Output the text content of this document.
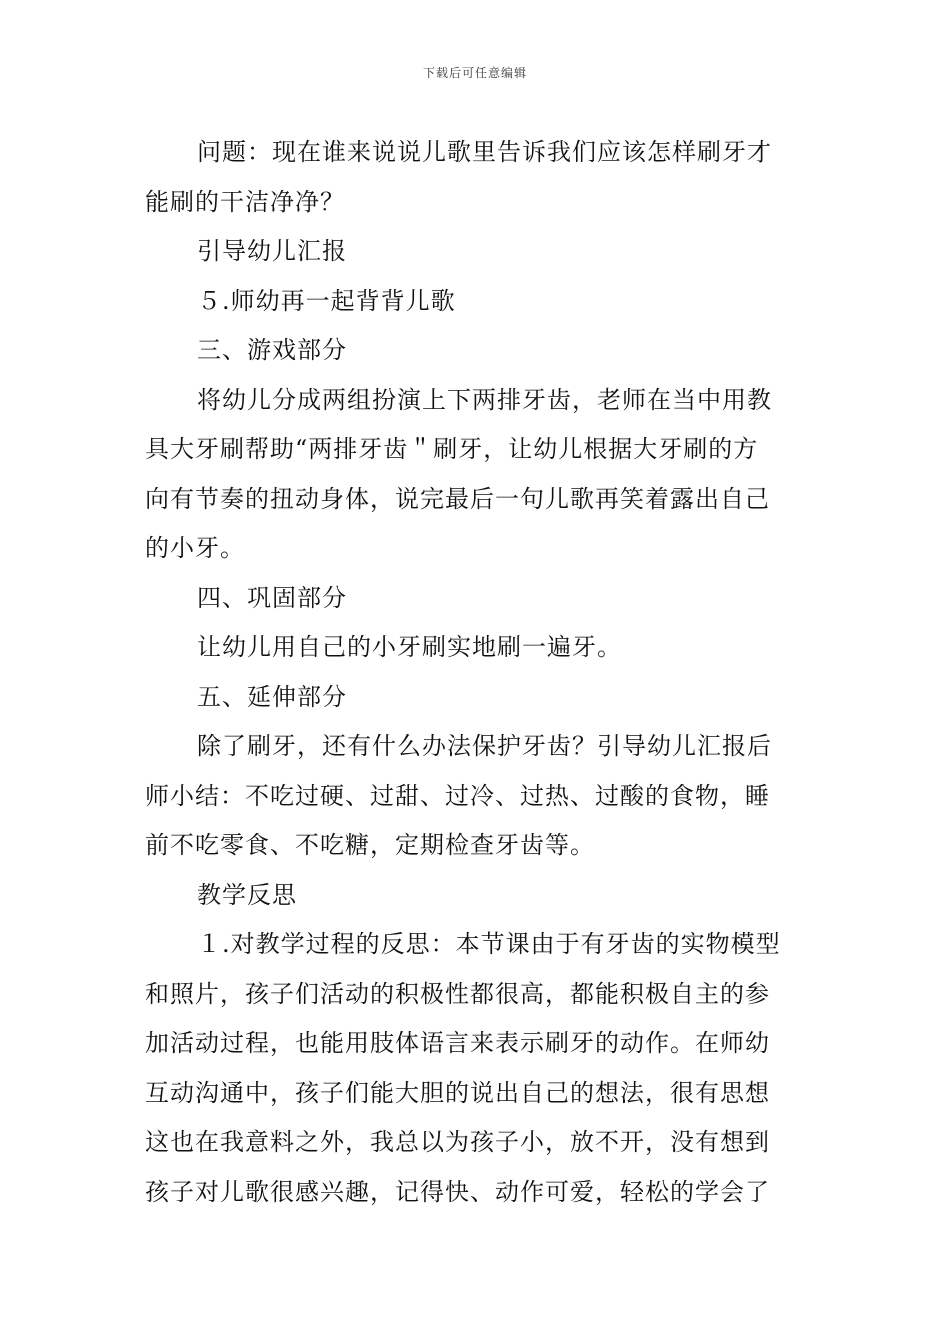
下载后可任意编辑
问题：现在谁来说说儿歌里告诉我们应该怎样刷牙才
能刷的干洁净净？
引导幼儿汇报
５.师幼再一起背背儿歌
三、游戏部分
将幼儿分成两组扮演上下两排牙齿，老师在当中用教
具大牙刷帮助“两排牙齿＂刷牙，让幼儿根据大牙刷的方
向有节奏的扭动身体，说完最后一句儿歌再笑着露出自己
的小牙。
四、巩固部分
让幼儿用自己的小牙刷实地刷一遍牙。
五、延伸部分
除了刷牙，还有什么办法保护牙齿？引导幼儿汇报后
师小结：不吃过硬、过甜、过冷、过热、过酸的食物，睡
前不吃零食、不吃糖，定期检查牙齿等。
教学反思
１.对教学过程的反思：本节课由于有牙齿的实物模型
和照片，孩子们活动的积极性都很高，都能积极自主的参
加活动过程，也能用肢体语言来表示刷牙的动作。在师幼
互动沟通中，孩子们能大胆的说出自己的想法，很有思想
这也在我意料之外，我总以为孩子小，放不开，没有想到
孩子对儿歌很感兴趣，记得快、动作可爱，轻松的学会了
